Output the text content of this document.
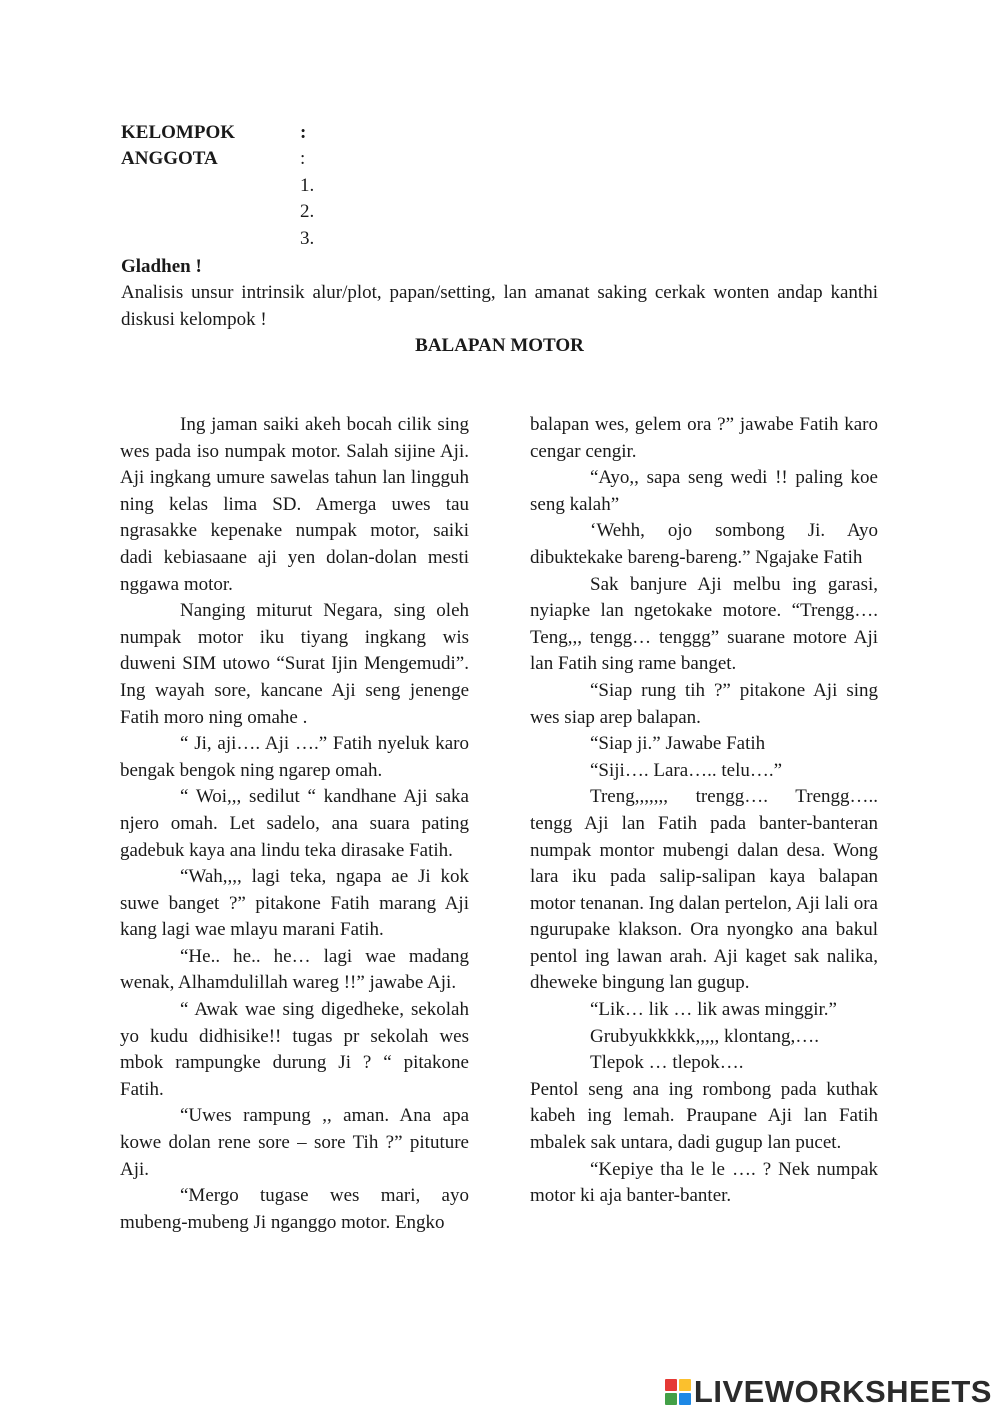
KELOMPOK	:
ANGGOTA	:
1.
2.
3.
Gladhen !

Analisis unsur intrinsik alur/plot, papan/setting, lan amanat saking cerkak wonten andap kanthi diskusi kelompok !

BALAPAN MOTOR

Ing jaman saiki akeh bocah cilik sing wes pada iso numpak motor. Salah sijine Aji. Aji ingkang umure sawelas tahun lan lingguh ning kelas lima SD. Amerga uwes tau ngrasakke kepenake numpak motor, saiki dadi kebiasaane aji yen dolan-dolan mesti nggawa motor.

Nanging miturut Negara, sing oleh numpak motor iku tiyang ingkang wis duweni SIM utowo “Surat Ijin Mengemudi”. Ing wayah sore, kancane Aji seng jenenge Fatih moro ning omahe .

“ Ji, aji…. Aji ….” Fatih nyeluk karo bengak bengok ning ngarep omah.

“ Woi,,, sedilut “ kandhane Aji saka njero omah. Let sadelo, ana suara pating gadebuk kaya ana lindu teka dirasake Fatih.

“Wah,,,, lagi teka, ngapa ae Ji kok suwe banget ?” pitakone Fatih marang Aji kang lagi wae mlayu marani Fatih.

“He.. he.. he… lagi wae madang wenak, Alhamdulillah wareg !!” jawabe Aji.

“ Awak wae sing digedheke, sekolah yo kudu didhisike!! tugas pr sekolah wes mbok rampungke durung Ji ? “ pitakone Fatih.

“Uwes rampung ,, aman. Ana apa kowe dolan rene sore – sore Tih ?” pituture Aji.

“Mergo tugase wes mari, ayo mubeng-mubeng Ji nganggo motor. Engko

balapan wes, gelem ora ?” jawabe Fatih karo cengar cengir.

“Ayo,, sapa seng wedi !! paling koe seng kalah”

‘Wehh, ojo sombong Ji. Ayo dibuktekake bareng-bareng.” Ngajake Fatih

Sak banjure Aji melbu ing garasi, nyiapke lan ngetokake motore. “Trengg…. Teng,,, tengg… tenggg” suarane motore Aji lan Fatih sing rame banget.

“Siap rung tih ?” pitakone Aji sing wes siap arep balapan.

“Siap ji.” Jawabe Fatih

“Siji…. Lara….. telu….”

Treng,,,,,,, trengg…. Trengg….. tengg Aji lan Fatih pada banter-banteran numpak montor mubengi dalan desa. Wong lara iku pada salip-salipan kaya balapan motor tenanan. Ing dalan pertelon, Aji lali ora ngurupake klakson. Ora nyongko ana bakul pentol ing lawan arah. Aji kaget sak nalika, dheweke bingung lan gugup.

“Lik… lik … lik awas minggir.”

Grubyukkkkk,,,,, klontang,….

Tlepok … tlepok….

Pentol seng ana ing rombong pada kuthak kabeh ing lemah. Praupane Aji lan Fatih mbalek sak untara, dadi gugup lan pucet.

“Kepiye tha le le …. ? Nek numpak motor ki aja banter-banter.

LIVEWORKSHEETS
